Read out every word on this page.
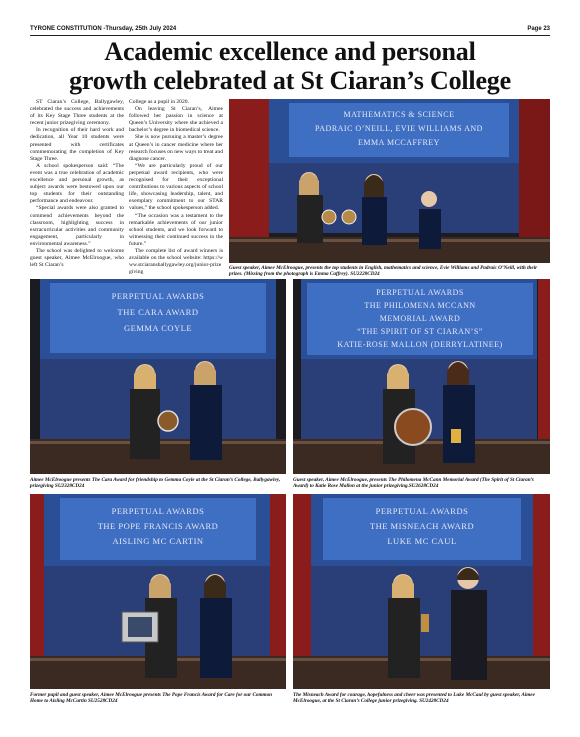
TYRONE CONSTITUTION -Thursday, 25th July 2024	Page 23
Academic excellence and personal
growth celebrated at St Ciaran’s College

ST Ciaran’s College, Ballygawley, celebrated the success and achievements of its Key Stage Three students at the recent junior prizegiving ceremony.

In recognition of their hard work and dedication, all Year 10 students were presented with certificates commemorating the completion of Key Stage Three.

A school spokesperson said: “The event was a true celebration of academic excellence and personal growth, as subject awards were bestowed upon our top students for their outstanding performance and endeavour.

“Special awards were also granted to commend achievements beyond the classroom, highlighting success in extracurricular activities and community engagement, particularly in environmental awareness.”

The school was delighted to welcome guest speaker, Aimee McElroogue, who left St Ciaran’s

College as a pupil in 2020.

On leaving St Ciaran’s, Aimee followed her passion in science at Queen’s University where she achieved a bachelor’s degree in biomedical science.

She is now pursuing a master’s degree at Queen’s in cancer medicine where her research focuses on new ways to treat and diagnose cancer.

“We are particularly proud of our perpetual award recipients, who were recognised for their exceptional contributions to various aspects of school life, showcasing leadership, talent, and exemplary commitment to our STAR values,” the school spokesperson added.

“The occasion was a testament to the remarkable achievements of our junior school students, and we look forward to witnessing their continued success in the future.”

The complete list of award winners is available on the school website: https://www.stciaransballygawley.org/junior-prizegiving

MATHEMATICS & SCIENCE
PADRAIC O’NEILL, EVIE WILLIAMS AND
EMMA MCCAFFREY
Guest speaker, Aimee McElroogue, presents the top students in English, mathematics and science, Evie Williams and Padraic O’Neill, with their prizes. (Missing from the photograph is Emma Caffrey). SU2228CD24
PERPETUAL AWARDS
THE CARA AWARD
GEMMA COYLE
Aimee McElroogue presents The Cara Award for friendship to Gemma Coyle at the St Ciaran’s College, Ballygawley, prizegiving SU2328CD24
PERPETUAL AWARDS
THE PHILOMENA MCCANN
MEMORIAL AWARD
“THE SPIRIT OF ST CIARAN’S”
KATIE-ROSE MALLON (DERRYLATINEE)
Guest speaker, Aimee McElroogue, presents The Philomena McCann Memorial Award (The Spirit of St Ciaran’s Award) to Katie Rose Mallon at the junior prizegiving.SU2628CD24
PERPETUAL AWARDS
THE POPE FRANCIS AWARD
AISLING MC CARTIN
Former pupil and guest speaker, Aimee McElroogue presents The Pope Francis Award for Care for our Common Home to Aisling McCartin SU2528CD24
PERPETUAL AWARDS
THE MISNEACH AWARD
LUKE MC CAUL
The Misneach Award for courage, hopefulness and cheer was presented to Luke McCaul by guest speaker, Aimee McElroogue, at the St Ciaran’s College junior prizegiving. SU2428CD24
